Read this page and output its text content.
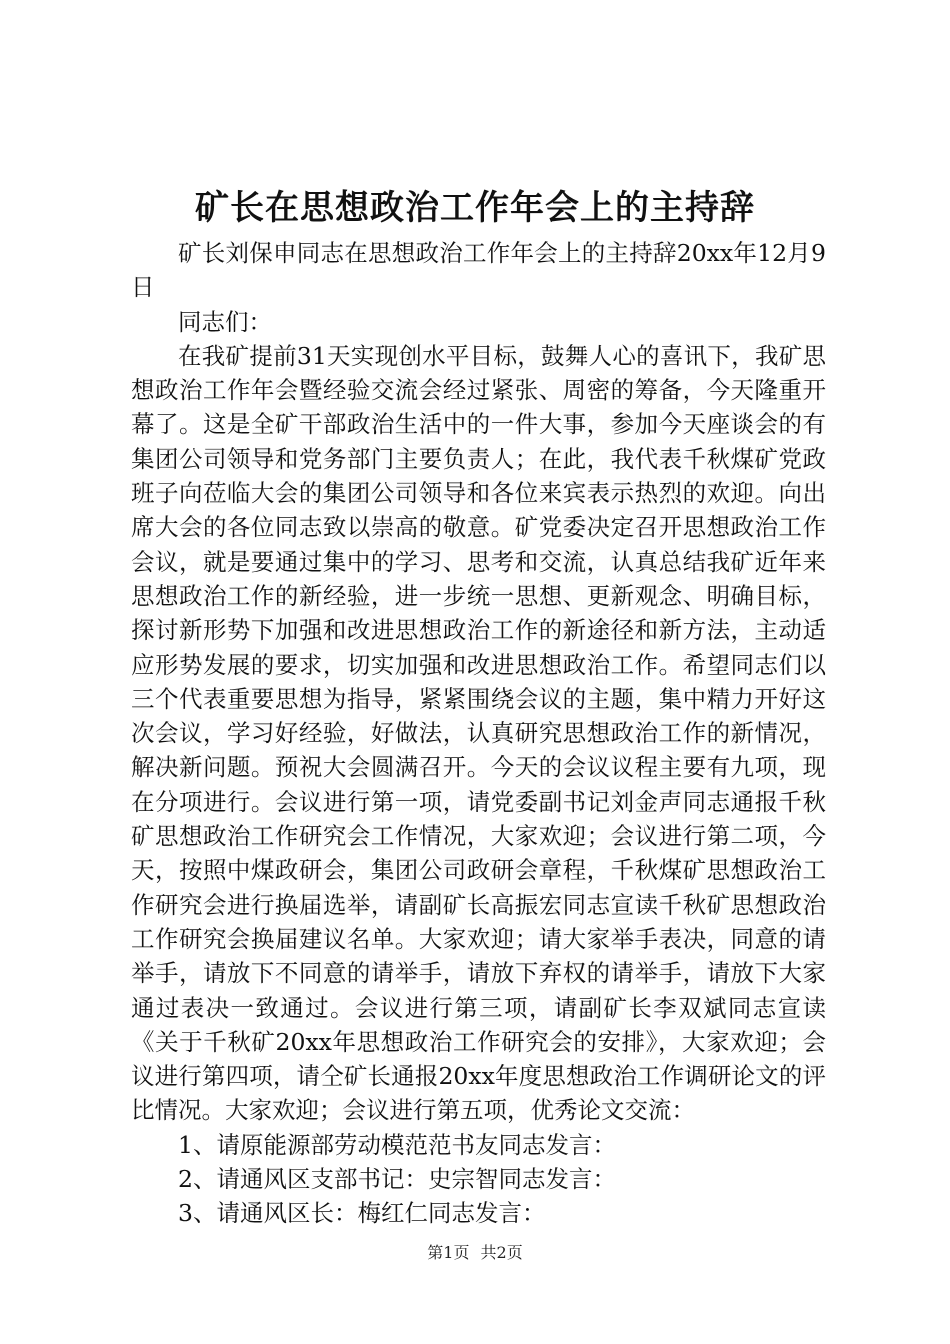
矿长在思想政治工作年会上的主持辞

矿长刘保申同志在思想政治工作年会上的主持辞20xx年12月9日

同志们：

在我矿提前31天实现创水平目标，鼓舞人心的喜讯下，我矿思想政治工作年会暨经验交流会经过紧张、周密的筹备，今天隆重开幕了。这是全矿干部政治生活中的一件大事，参加今天座谈会的有集团公司领导和党务部门主要负责人；在此，我代表千秋煤矿党政班子向莅临大会的集团公司领导和各位来宾表示热烈的欢迎。向出席大会的各位同志致以崇高的敬意。矿党委决定召开思想政治工作会议，就是要通过集中的学习、思考和交流，认真总结我矿近年来思想政治工作的新经验，进一步统一思想、更新观念、明确目标，探讨新形势下加强和改进思想政治工作的新途径和新方法，主动适应形势发展的要求，切实加强和改进思想政治工作。希望同志们以三个代表重要思想为指导，紧紧围绕会议的主题，集中精力开好这次会议，学习好经验，好做法，认真研究思想政治工作的新情况，解决新问题。预祝大会圆满召开。今天的会议议程主要有九项，现在分项进行。会议进行第一项，请党委副书记刘金声同志通报千秋矿思想政治工作研究会工作情况，大家欢迎；会议进行第二项，今天，按照中煤政研会，集团公司政研会章程，千秋煤矿思想政治工作研究会进行换届选举，请副矿长高振宏同志宣读千秋矿思想政治工作研究会换届建议名单。大家欢迎；请大家举手表决，同意的请举手，请放下不同意的请举手，请放下弃权的请举手，请放下大家通过表决一致通过。会议进行第三项，请副矿长李双斌同志宣读《关于千秋矿20xx年思想政治工作研究会的安排》，大家欢迎；会议进行第四项，请仝矿长通报20xx年度思想政治工作调研论文的评比情况。大家欢迎；会议进行第五项，优秀论文交流：

1、请原能源部劳动模范范书友同志发言：

2、请通风区支部书记：史宗智同志发言：

3、请通风区长：梅红仁同志发言：

第1页 共2页
